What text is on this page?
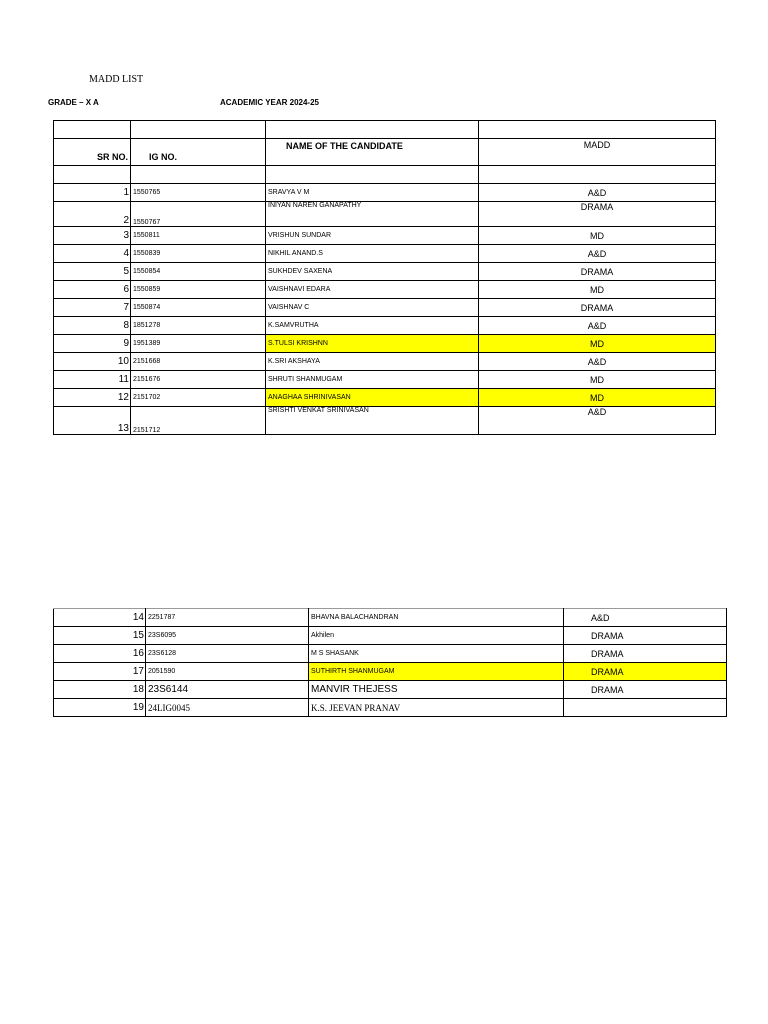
MADD LIST
GRADE – X A	ACADEMIC YEAR 2024-25

SR NO.	IG NO.	NAME OF THE CANDIDATE	MADD

1	1550765	SRAVYA V M	A&D
2	1550767	INIYAN NAREN GANAPATHY	DRAMA
3	1550811	VRISHUN SUNDAR	MD
4	1550839	NIKHIL ANAND.S	A&D
5	1550854	SUKHDEV SAXENA	DRAMA
6	1550859	VAISHNAVI EDARA	MD
7	1550874	VAISHNAV C	DRAMA
8	1851278	K.SAMVRUTHA	A&D
9	1951389	S.TULSI KRISHNN	MD
10	2151668	K.SRI AKSHAYA	A&D
11	2151676	SHRUTI SHANMUGAM	MD
12	2151702	ANAGHAA SHRINIVASAN	MD
13	2151712	SRISHTI VENKAT SRINIVASAN	A&D
14	2251787	BHAVNA BALACHANDRAN	A&D
15	23S6095	Akhilen	DRAMA
16	23S6128	M S SHASANK	DRAMA
17	2051590	SUTHIRTH SHANMUGAM	DRAMA
18	23S6144	MANVIR THEJESS	DRAMA
19	24LIG0045	K.S. JEEVAN PRANAV	
